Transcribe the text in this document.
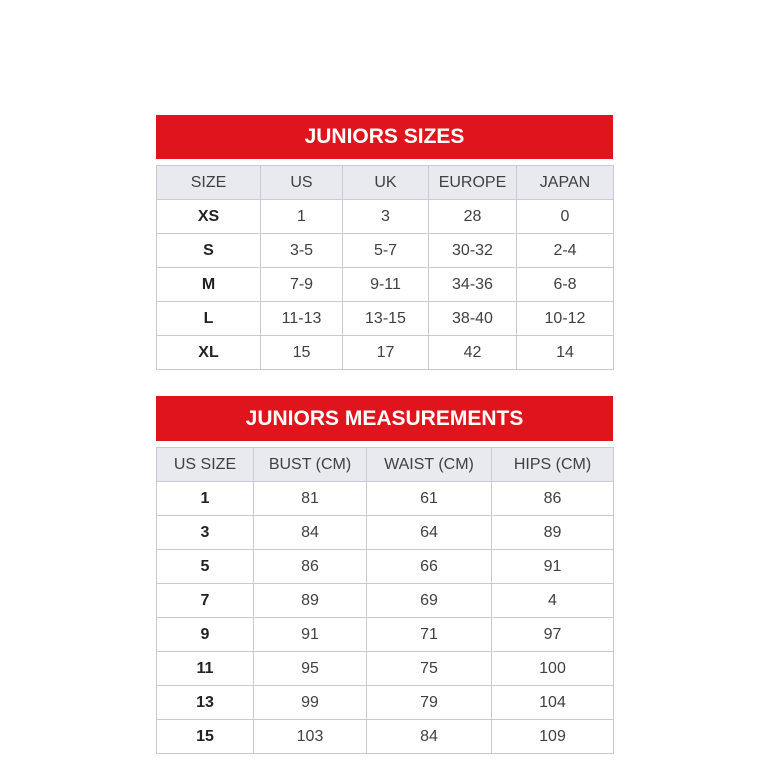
JUNIORS SIZES
SIZE	US	UK	EUROPE	JAPAN
XS	1	3	28	0
S	3-5	5-7	30-32	2-4
M	7-9	9-11	34-36	6-8
L	11-13	13-15	38-40	10-12
XL	15	17	42	14
JUNIORS MEASUREMENTS
US SIZE	BUST (CM)	WAIST (CM)	HIPS (CM)
1	81	61	86
3	84	64	89
5	86	66	91
7	89	69	4
9	91	71	97
11	95	75	100
13	99	79	104
15	103	84	109
